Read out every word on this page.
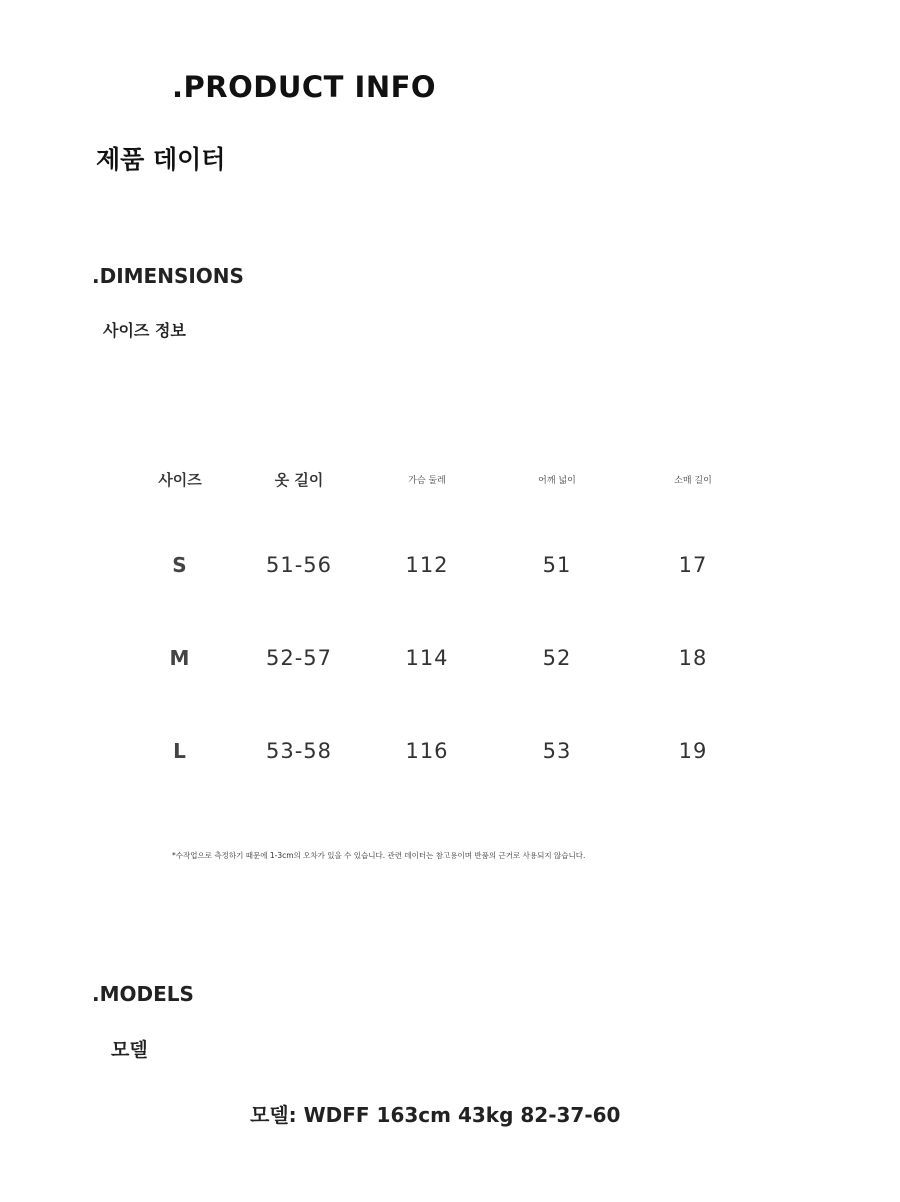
.PRODUCT INFO
제품 데이터
.DIMENSIONS
사이즈 정보
사이즈	옷 길이	가슴 둘레	어깨 넓이	소매 길이
S	51-56	112	51	17
M	52-57	114	52	18
L	53-58	116	53	19
*수작업으로 측정하기 때문에 1-3cm의 오차가 있을 수 있습니다. 관련 데이터는 참고용이며 반품의 근거로 사용되지 않습니다.
.MODELS
모델
모델: WDFF 163cm 43kg 82-37-60
